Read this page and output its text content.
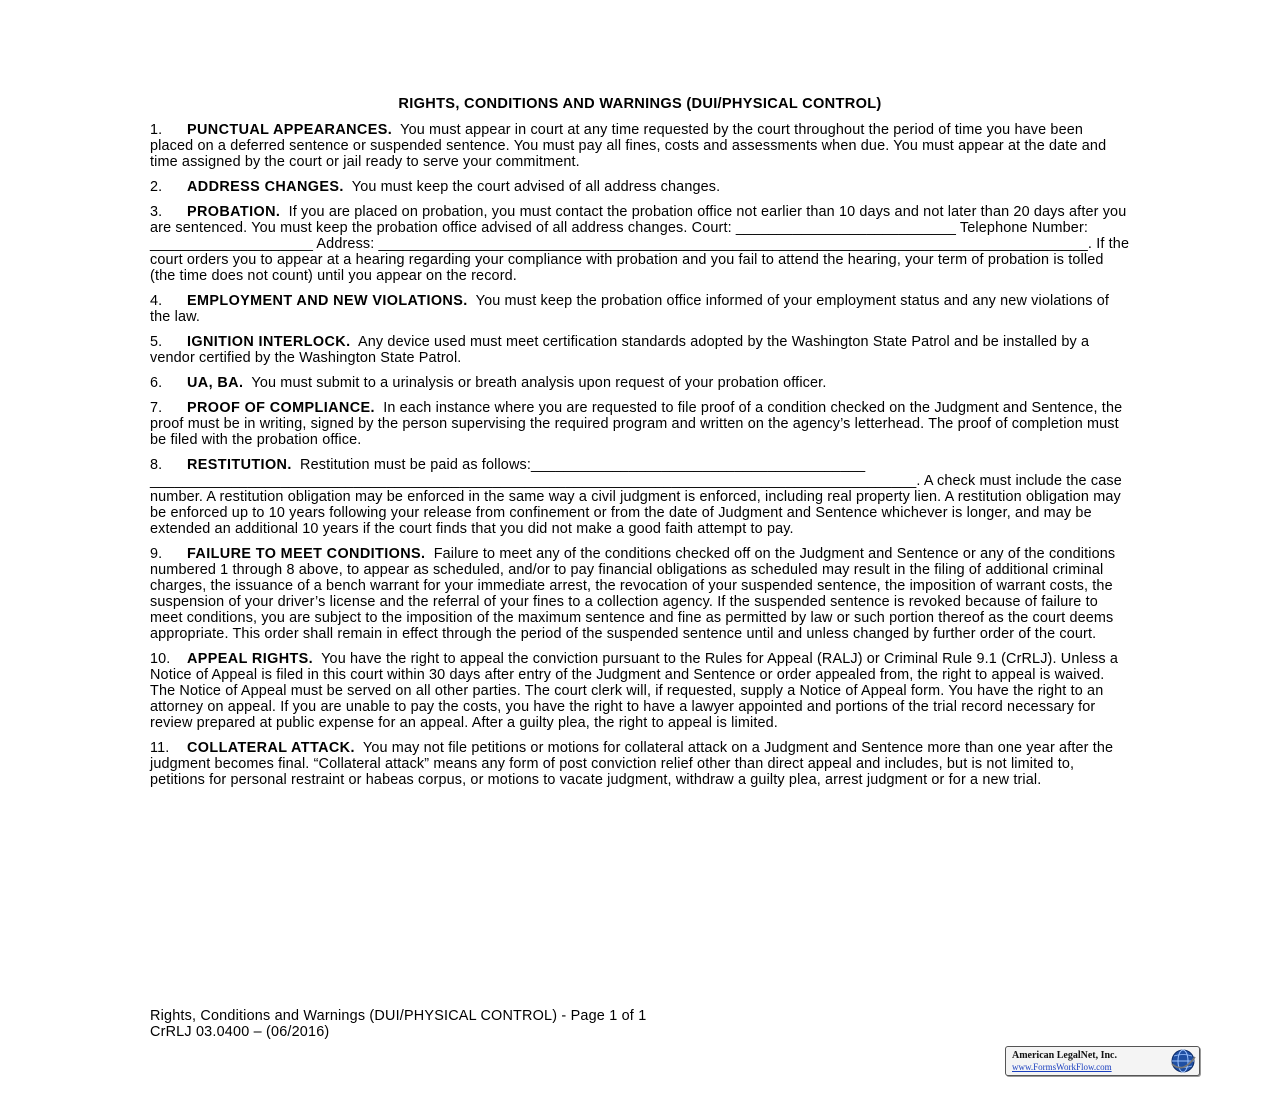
RIGHTS, CONDITIONS AND WARNINGS (DUI/PHYSICAL CONTROL)
1. PUNCTUAL APPEARANCES. You must appear in court at any time requested by the court throughout the period of time you have been placed on a deferred sentence or suspended sentence. You must pay all fines, costs and assessments when due. You must appear at the date and time assigned by the court or jail ready to serve your commitment.
2. ADDRESS CHANGES. You must keep the court advised of all address changes.
3. PROBATION. If you are placed on probation, you must contact the probation office not earlier than 10 days and not later than 20 days after you are sentenced. You must keep the probation office advised of all address changes. Court: ___________________________ Telephone Number: ____________________ Address: _______________________________________________________________________________________. If the court orders you to appear at a hearing regarding your compliance with probation and you fail to attend the hearing, your term of probation is tolled (the time does not count) until you appear on the record.
4. EMPLOYMENT AND NEW VIOLATIONS. You must keep the probation office informed of your employment status and any new violations of the law.
5. IGNITION INTERLOCK. Any device used must meet certification standards adopted by the Washington State Patrol and be installed by a vendor certified by the Washington State Patrol.
6. UA, BA. You must submit to a urinalysis or breath analysis upon request of your probation officer.
7. PROOF OF COMPLIANCE. In each instance where you are requested to file proof of a condition checked on the Judgment and Sentence, the proof must be in writing, signed by the person supervising the required program and written on the agency’s letterhead. The proof of completion must be filed with the probation office.
8. RESTITUTION. Restitution must be paid as follows:_________________________________________ ______________________________________________________________________________________________. A check must include the case number. A restitution obligation may be enforced in the same way a civil judgment is enforced, including real property lien. A restitution obligation may be enforced up to 10 years following your release from confinement or from the date of Judgment and Sentence whichever is longer, and may be extended an additional 10 years if the court finds that you did not make a good faith attempt to pay.
9. FAILURE TO MEET CONDITIONS. Failure to meet any of the conditions checked off on the Judgment and Sentence or any of the conditions numbered 1 through 8 above, to appear as scheduled, and/or to pay financial obligations as scheduled may result in the filing of additional criminal charges, the issuance of a bench warrant for your immediate arrest, the revocation of your suspended sentence, the imposition of warrant costs, the suspension of your driver’s license and the referral of your fines to a collection agency. If the suspended sentence is revoked because of failure to meet conditions, you are subject to the imposition of the maximum sentence and fine as permitted by law or such portion thereof as the court deems appropriate. This order shall remain in effect through the period of the suspended sentence until and unless changed by further order of the court.
10. APPEAL RIGHTS. You have the right to appeal the conviction pursuant to the Rules for Appeal (RALJ) or Criminal Rule 9.1 (CrRLJ). Unless a Notice of Appeal is filed in this court within 30 days after entry of the Judgment and Sentence or order appealed from, the right to appeal is waived. The Notice of Appeal must be served on all other parties. The court clerk will, if requested, supply a Notice of Appeal form. You have the right to an attorney on appeal. If you are unable to pay the costs, you have the right to have a lawyer appointed and portions of the trial record necessary for review prepared at public expense for an appeal. After a guilty plea, the right to appeal is limited.
11. COLLATERAL ATTACK. You may not file petitions or motions for collateral attack on a Judgment and Sentence more than one year after the judgment becomes final. “Collateral attack” means any form of post conviction relief other than direct appeal and includes, but is not limited to, petitions for personal restraint or habeas corpus, or motions to vacate judgment, withdraw a guilty plea, arrest judgment or for a new trial.
Rights, Conditions and Warnings (DUI/PHYSICAL CONTROL) - Page 1 of 1
CrRLJ 03.0400 – (06/2016)
American LegalNet, Inc.
www.FormsWorkFlow.com
